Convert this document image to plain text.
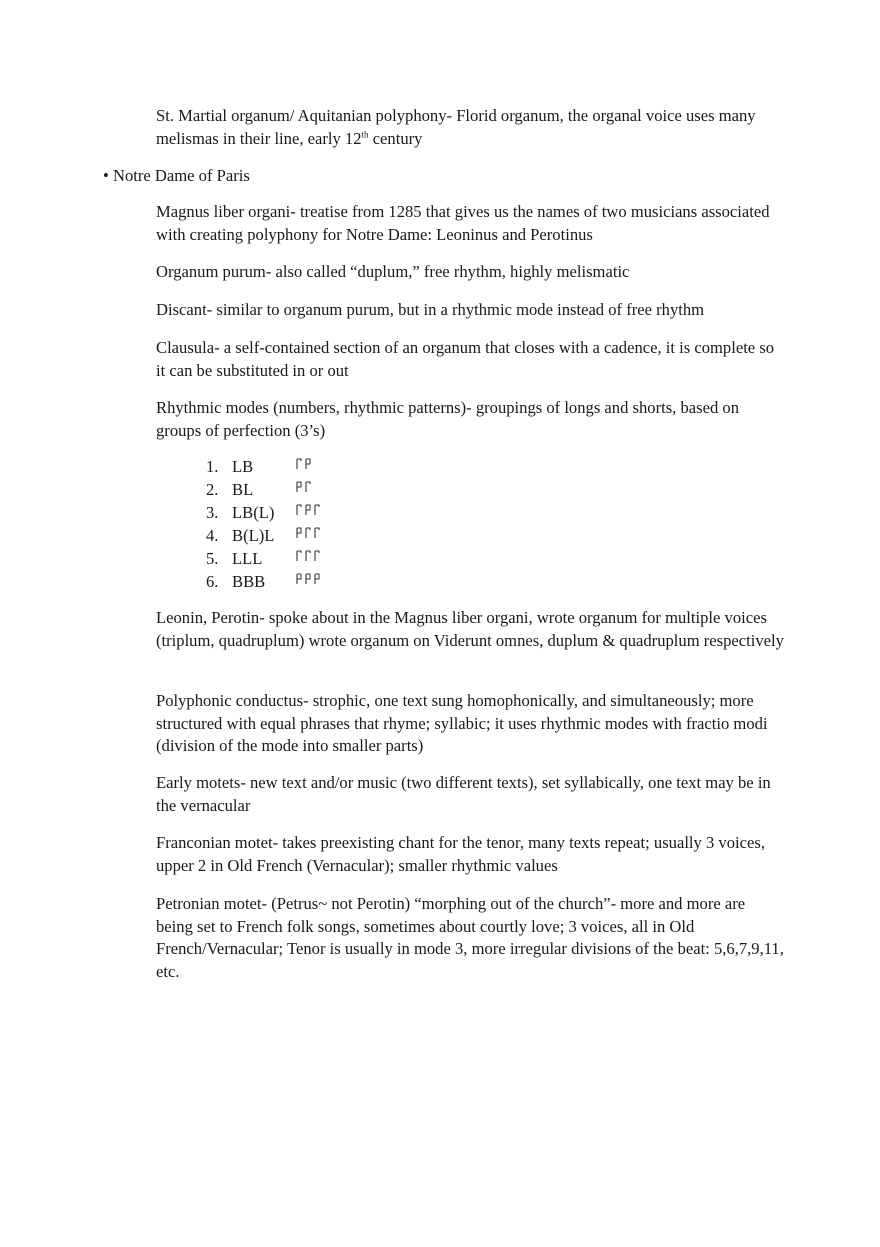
St. Martial organum/ Aquitanian polyphony- Florid organum, the organal voice uses many melismas in their line, early 12th century

• Notre Dame of Paris

Magnus liber organi- treatise from 1285 that gives us the names of two musicians associated with creating polyphony for Notre Dame: Leoninus and Perotinus

Organum purum- also called “duplum,” free rhythm, highly melismatic

Discant- similar to organum purum, but in a rhythmic mode instead of free rhythm

Clausula- a self-contained section of an organum that closes with a cadence, it is complete so it can be substituted in or out

Rhythmic modes (numbers, rhythmic patterns)- groupings of longs and shorts, based on groups of perfection (3’s)

1. LB
2. BL
3. LB(L)
4. B(L)L
5. LLL
6. BBB

Leonin, Perotin- spoke about in the Magnus liber organi, wrote organum for multiple voices (triplum, quadruplum) wrote organum on Viderunt omnes, duplum & quadruplum respectively

Polyphonic conductus- strophic, one text sung homophonically, and simultaneously; more structured with equal phrases that rhyme; syllabic; it uses rhythmic modes with fractio modi (division of the mode into smaller parts)

Early motets- new text and/or music (two different texts), set syllabically, one text may be in the vernacular

Franconian motet- takes preexisting chant for the tenor, many texts repeat; usually 3 voices, upper 2 in Old French (Vernacular); smaller rhythmic values

Petronian motet- (Petrus~ not Perotin) “morphing out of the church”- more and more are being set to French folk songs, sometimes about courtly love; 3 voices, all in Old French/Vernacular; Tenor is usually in mode 3, more irregular divisions of the beat: 5,6,7,9,11, etc.
